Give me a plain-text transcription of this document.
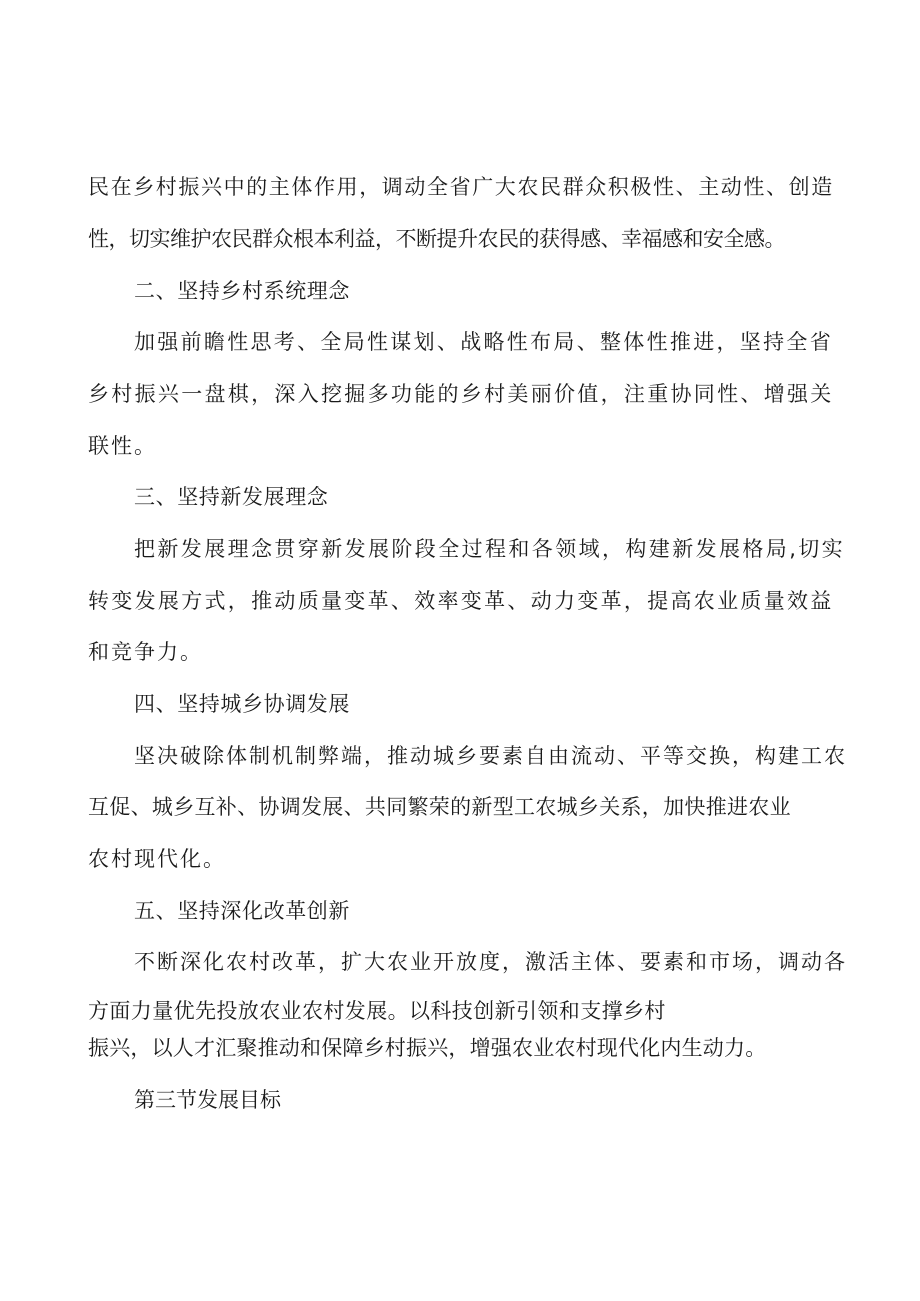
民在乡村振兴中的主体作用，调动全省广大农民群众积极性、主动性、创造
性，切实维护农民群众根本利益，不断提升农民的获得感、幸福感和安全感。
二、坚持乡村系统理念
加强前瞻性思考、全局性谋划、战略性布局、整体性推进，坚持全省
乡村振兴一盘棋，深入挖掘多功能的乡村美丽价值，注重协同性、增强关
联性。
三、坚持新发展理念
把新发展理念贯穿新发展阶段全过程和各领域，构建新发展格局,切实
转变发展方式，推动质量变革、效率变革、动力变革，提高农业质量效益
和竞争力。
四、坚持城乡协调发展
坚决破除体制机制弊端，推动城乡要素自由流动、平等交换，构建工农
互促、城乡互补、协调发展、共同繁荣的新型工农城乡关系，加快推进农业
农村现代化。
五、坚持深化改革创新
不断深化农村改革，扩大农业开放度，激活主体、要素和市场，调动各
方面力量优先投放农业农村发展。以科技创新引领和支撑乡村
振兴，以人才汇聚推动和保障乡村振兴，增强农业农村现代化内生动力。
第三节发展目标
